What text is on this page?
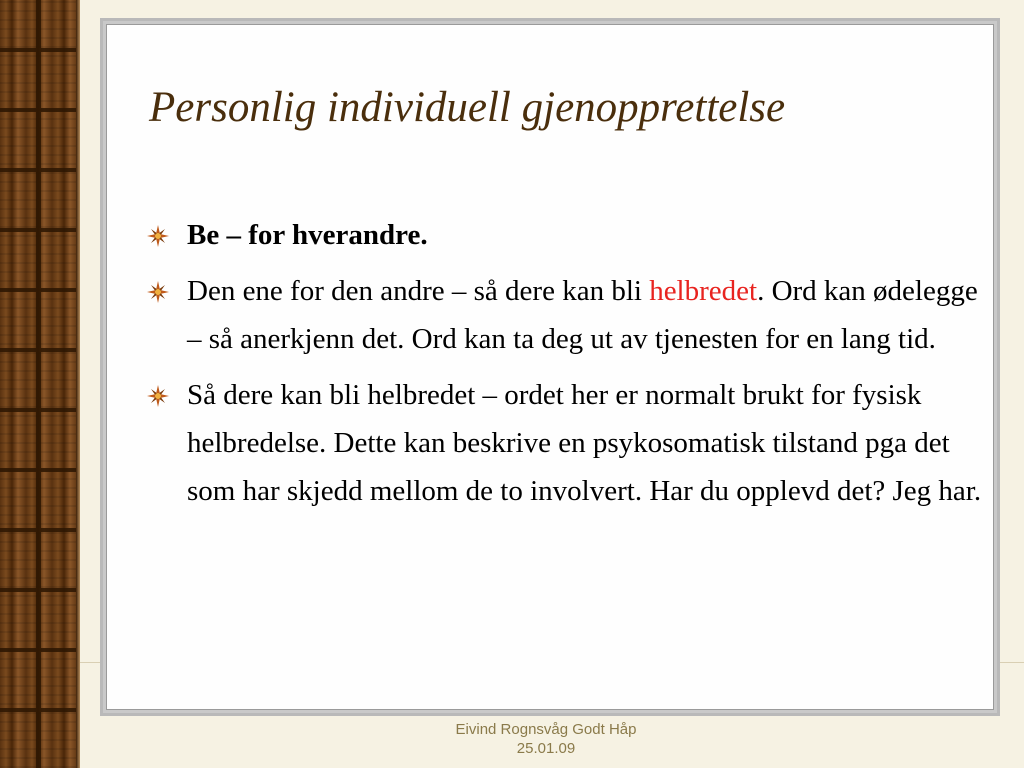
Personlig individuell gjenopprettelse
Be – for hverandre.
Den ene for den andre – så dere kan bli helbredet. Ord kan ødelegge – så anerkjenn det. Ord kan ta deg ut av tjenesten for en lang tid.
Så dere kan bli helbredet – ordet her er normalt brukt for fysisk helbredelse. Dette kan beskrive en psykosomatisk tilstand pga det som har skjedd mellom de to involvert. Har du opplevd det? Jeg har.
Eivind Rognsvåg Godt Håp
25.01.09
